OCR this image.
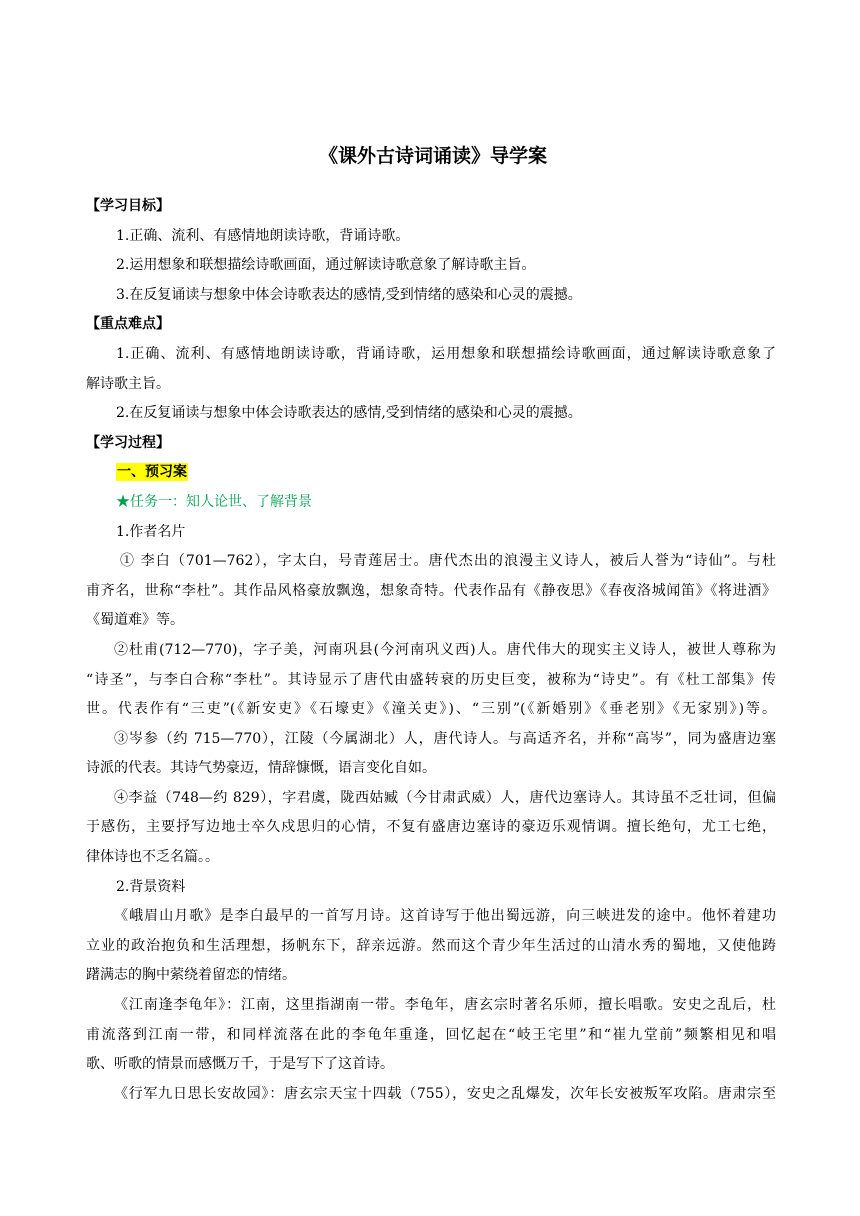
《课外古诗词诵读》导学案
【学习目标】
1.正确、流利、有感情地朗读诗歌，背诵诗歌。
2.运用想象和联想描绘诗歌画面，通过解读诗歌意象了解诗歌主旨。
3.在反复诵读与想象中体会诗歌表达的感情,受到情绪的感染和心灵的震撼。
【重点难点】
1.正确、流利、有感情地朗读诗歌，背诵诗歌，运用想象和联想描绘诗歌画面，通过解读诗歌意象了
解诗歌主旨。
2.在反复诵读与想象中体会诗歌表达的感情,受到情绪的感染和心灵的震撼。
【学习过程】
一、预习案
★任务一：知人论世、了解背景
1.作者名片
① 李白（701—762），字太白，号青莲居士。唐代杰出的浪漫主义诗人，被后人誉为“诗仙”。与杜
甫齐名，世称“李杜”。其作品风格豪放飘逸，想象奇特。代表作品有《静夜思》《春夜洛城闻笛》《将进酒》
《蜀道难》等。
②杜甫(712—770)，字子美，河南巩县(今河南巩义西)人。唐代伟大的现实主义诗人，被世人尊称为
“诗圣”，与李白合称“李杜”。其诗显示了唐代由盛转衰的历史巨变，被称为“诗史”。有《杜工部集》传
世。代表作有“三吏”(《新安吏》《石壕吏》《潼关吏》)、“三别”(《新婚别》《垂老别》《无家别》)等。
③岑参（约 715—770），江陵（今属湖北）人，唐代诗人。与高适齐名，并称“高岑”，同为盛唐边塞
诗派的代表。其诗气势豪迈，情辞慷慨，语言变化自如。
④李益（748—约 829），字君虞，陇西姑臧（今甘肃武威）人，唐代边塞诗人。其诗虽不乏壮词，但偏
于感伤，主要抒写边地士卒久戍思归的心情，不复有盛唐边塞诗的豪迈乐观情调。擅长绝句，尤工七绝，
律体诗也不乏名篇。。
2.背景资料
《峨眉山月歌》是李白最早的一首写月诗。这首诗写于他出蜀远游，向三峡进发的途中。他怀着建功
立业的政治抱负和生活理想，扬帆东下，辞亲远游。然而这个青少年生活过的山清水秀的蜀地，又使他踌
躇满志的胸中萦绕着留恋的情绪。
《江南逢李龟年》：江南，这里指湖南一带。李龟年，唐玄宗时著名乐师，擅长唱歌。安史之乱后，杜
甫流落到江南一带，和同样流落在此的李龟年重逢，回忆起在“岐王宅里”和“崔九堂前”频繁相见和唱
歌、听歌的情景而感慨万千，于是写下了这首诗。
《行军九日思长安故园》：唐玄宗天宝十四载（755），安史之乱爆发，次年长安被叛军攻陷。唐肃宗至
